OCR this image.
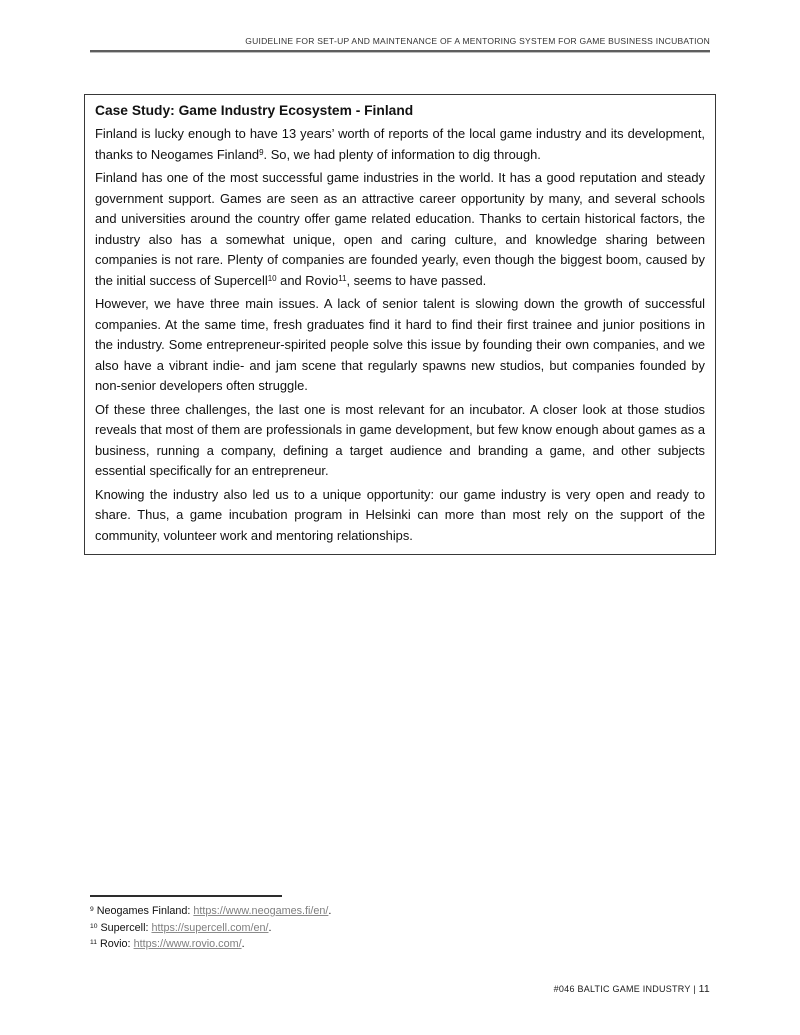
GUIDELINE FOR SET-UP AND MAINTENANCE OF A MENTORING SYSTEM FOR GAME BUSINESS INCUBATION
Case Study: Game Industry Ecosystem - Finland

Finland is lucky enough to have 13 years’ worth of reports of the local game industry and its development, thanks to Neogames Finland$^9$. So, we had plenty of information to dig through.

Finland has one of the most successful game industries in the world. It has a good reputation and steady government support. Games are seen as an attractive career opportunity by many, and several schools and universities around the country offer game related education. Thanks to certain historical factors, the industry also has a somewhat unique, open and caring culture, and knowledge sharing between companies is not rare. Plenty of companies are founded yearly, even though the biggest boom, caused by the initial success of Supercell$^{10}$ and Rovio$^{11}$, seems to have passed.

However, we have three main issues. A lack of senior talent is slowing down the growth of successful companies. At the same time, fresh graduates find it hard to find their first trainee and junior positions in the industry. Some entrepreneur-spirited people solve this issue by founding their own companies, and we also have a vibrant indie- and jam scene that regularly spawns new studios, but companies founded by non-senior developers often struggle.

Of these three challenges, the last one is most relevant for an incubator. A closer look at those studios reveals that most of them are professionals in game development, but few know enough about games as a business, running a company, defining a target audience and branding a game, and other subjects essential specifically for an entrepreneur.

Knowing the industry also led us to a unique opportunity: our game industry is very open and ready to share. Thus, a game incubation program in Helsinki can more than most rely on the support of the community, volunteer work and mentoring relationships.

$^9$ Neogames Finland: https://www.neogames.fi/en/.
$^{10}$ Supercell: https://supercell.com/en/.
$^{11}$ Rovio: https://www.rovio.com/.
#046 BALTIC GAME INDUSTRY | 11
